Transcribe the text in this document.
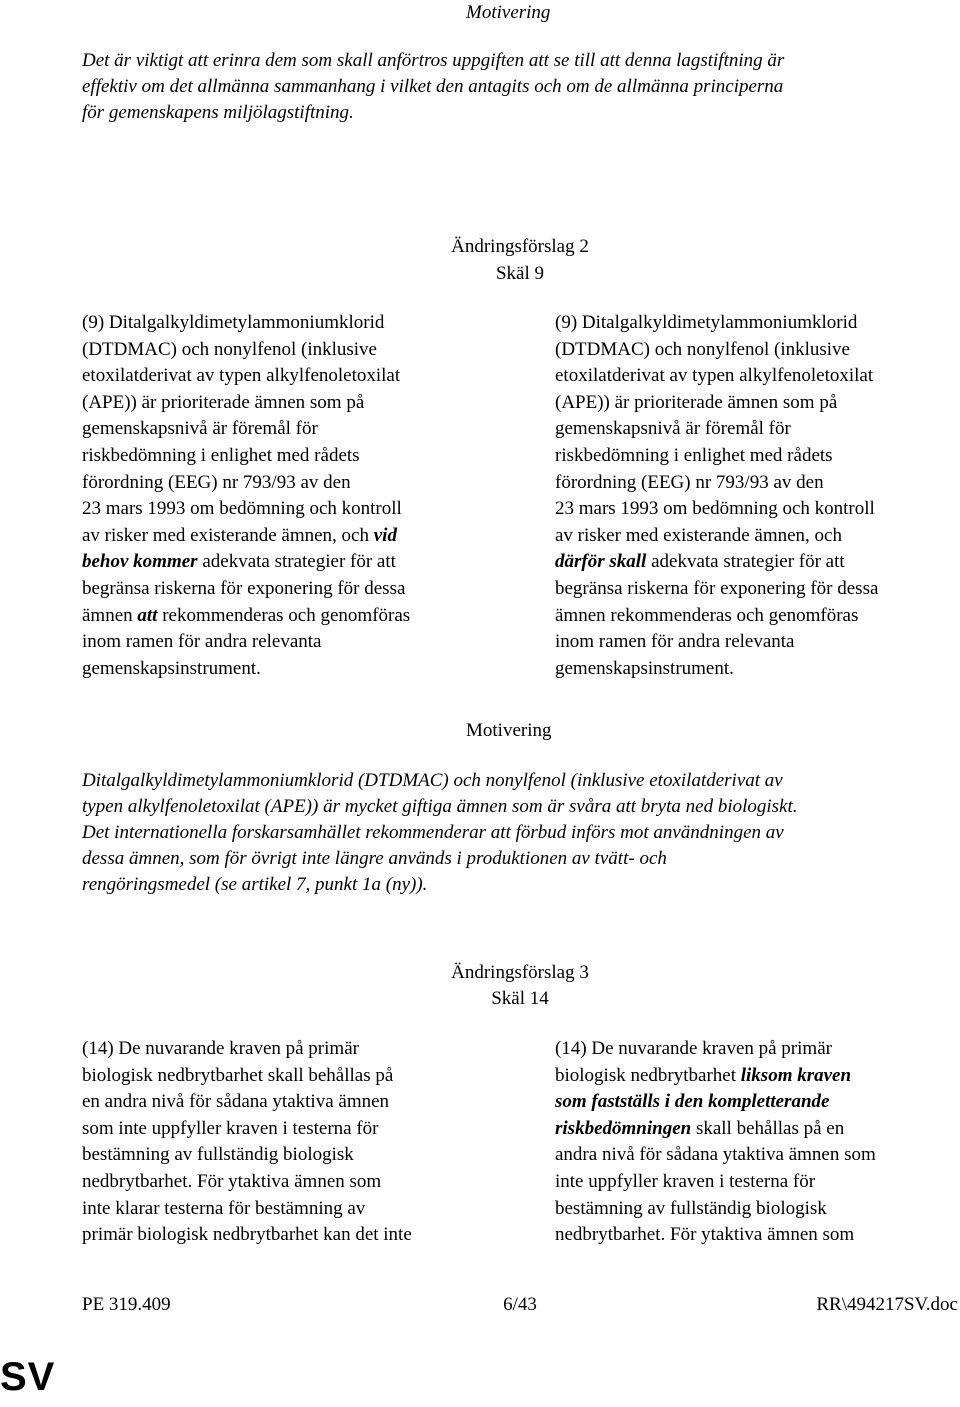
Motivering
Det är viktigt att erinra dem som skall anförtros uppgiften att se till att denna lagstiftning är
effektiv om det allmänna sammanhang i vilket den antagits och om de allmänna principerna
för gemenskapens miljölagstiftning.
Ändringsförslag 2
Skäl 9
(9) Ditalgalkyldimetylammoniumklorid
(DTDMAC) och nonylfenol (inklusive
etoxilatderivat av typen alkylfenoletoxilat
(APE)) är prioriterade ämnen som på
gemenskapsnivå är föremål för
riskbedömning i enlighet med rådets
förordning (EEG) nr 793/93 av den
23 mars 1993 om bedömning och kontroll
av risker med existerande ämnen, och vid
behov kommer adekvata strategier för att
begränsa riskerna för exponering för dessa
ämnen att rekommenderas och genomföras
inom ramen för andra relevanta
gemenskapsinstrument.
(9) Ditalgalkyldimetylammoniumklorid
(DTDMAC) och nonylfenol (inklusive
etoxilatderivat av typen alkylfenoletoxilat
(APE)) är prioriterade ämnen som på
gemenskapsnivå är föremål för
riskbedömning i enlighet med rådets
förordning (EEG) nr 793/93 av den
23 mars 1993 om bedömning och kontroll
av risker med existerande ämnen, och
därför skall adekvata strategier för att
begränsa riskerna för exponering för dessa
ämnen rekommenderas och genomföras
inom ramen för andra relevanta
gemenskapsinstrument.
Motivering
Ditalgalkyldimetylammoniumklorid (DTDMAC) och nonylfenol (inklusive etoxilatderivat av
typen alkylfenoletoxilat (APE)) är mycket giftiga ämnen som är svåra att bryta ned biologiskt.
Det internationella forskarsamhället rekommenderar att förbud införs mot användningen av
dessa ämnen, som för övrigt inte längre används i produktionen av tvätt- och
rengöringsmedel (se artikel 7, punkt 1a (ny)).
Ändringsförslag 3
Skäl 14
(14) De nuvarande kraven på primär
biologisk nedbrytbarhet skall behållas på
en andra nivå för sådana ytaktiva ämnen
som inte uppfyller kraven i testerna för
bestämning av fullständig biologisk
nedbrytbarhet. För ytaktiva ämnen som
inte klarar testerna för bestämning av
primär biologisk nedbrytbarhet kan det inte
(14) De nuvarande kraven på primär
biologisk nedbrytbarhet liksom kraven
som fastställs i den kompletterande
riskbedömningen skall behållas på en
andra nivå för sådana ytaktiva ämnen som
inte uppfyller kraven i testerna för
bestämning av fullständig biologisk
nedbrytbarhet. För ytaktiva ämnen som
PE 319.409	6/43	RR\494217SV.doc
SV
